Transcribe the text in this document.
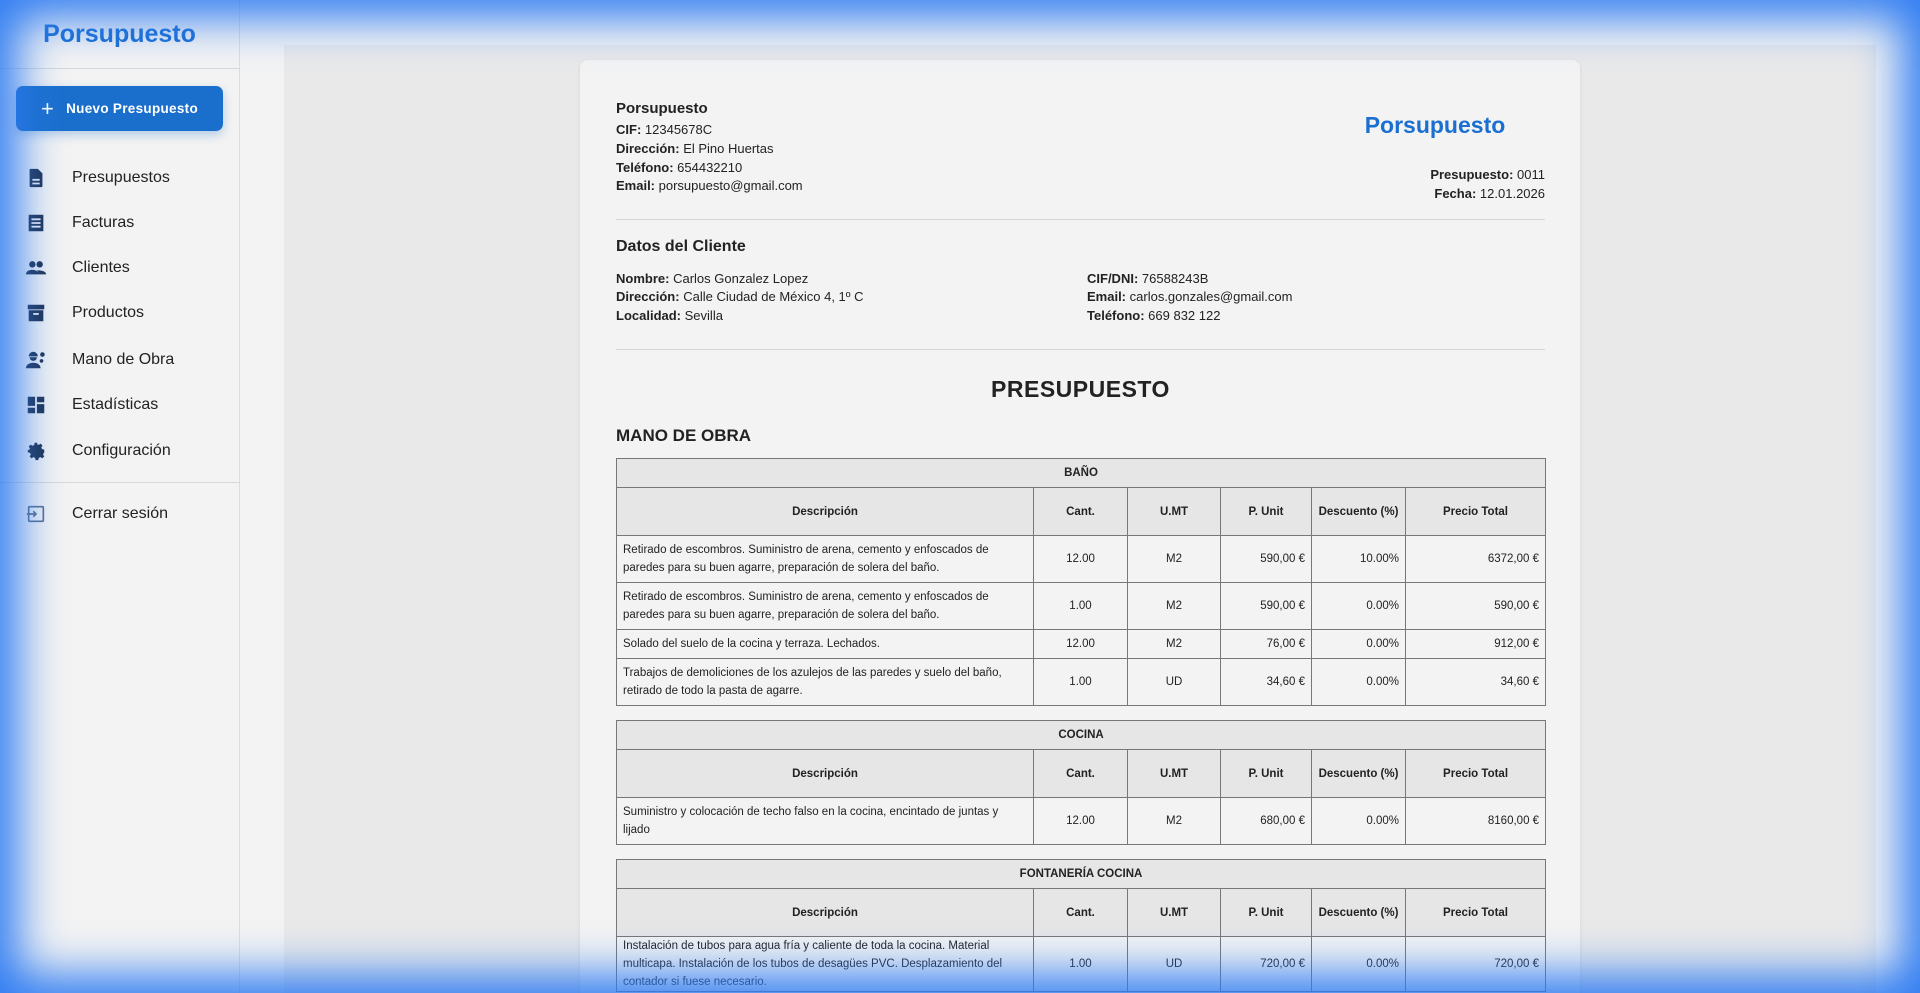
Porsupuesto
+ Nuevo Presupuesto
Presupuestos
Facturas
Clientes
Productos
Mano de Obra
Estadísticas
Configuración
Cerrar sesión
Porsupuesto
CIF: 12345678C
Dirección: El Pino Huertas
Teléfono: 654432210
Email: porsupuesto@gmail.com
Porsupuesto
Presupuesto: 0011
Fecha: 12.01.2026
Datos del Cliente
Nombre: Carlos Gonzalez Lopez
Dirección: Calle Ciudad de México 4, 1º C
Localidad: Sevilla
CIF/DNI: 76588243B
Email: carlos.gonzales@gmail.com
Teléfono: 669 832 122
PRESUPUESTO
MANO DE OBRA
BAÑO					
Descripción	Cant.	U.MT	P. Unit	Descuento (%)	Precio Total
Retirado de escombros. Suministro de arena, cemento y enfoscados de paredes para su buen agarre, preparación de solera del baño.	12.00	M2	590,00 €	10.00%	6372,00 €
Retirado de escombros. Suministro de arena, cemento y enfoscados de paredes para su buen agarre, preparación de solera del baño.	1.00	M2	590,00 €	0.00%	590,00 €
Solado del suelo de la cocina y terraza. Lechados.	12.00	M2	76,00 €	0.00%	912,00 €
Trabajos de demoliciones de los azulejos de las paredes y suelo del baño, retirado de todo la pasta de agarre.	1.00	UD	34,60 €	0.00%	34,60 €
COCINA					
Descripción	Cant.	U.MT	P. Unit	Descuento (%)	Precio Total
Suministro y colocación de techo falso en la cocina, encintado de juntas y lijado	12.00	M2	680,00 €	0.00%	8160,00 €
FONTANERÍA COCINA					
Descripción	Cant.	U.MT	P. Unit	Descuento (%)	Precio Total
Instalación de tubos para agua fría y caliente de toda la cocina. Material multicapa. Instalación de los tubos de desagües PVC. Desplazamiento del contador si fuese necesario.	1.00	UD	720,00 €	0.00%	720,00 €
